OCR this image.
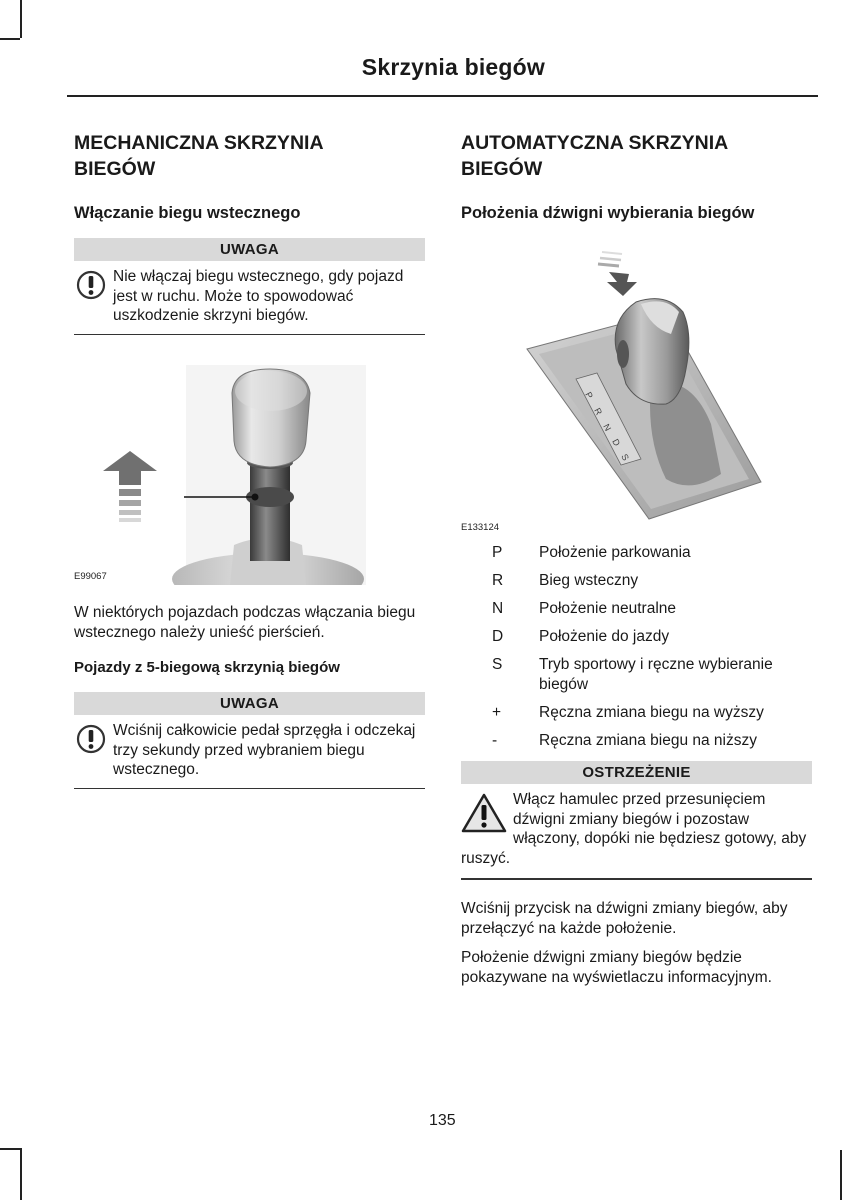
Skrzynia biegów
MECHANICZNA SKRZYNIA BIEGÓW
Włączanie biegu wstecznego
UWAGA
Nie włączaj biegu wstecznego, gdy pojazd jest w ruchu. Może to spowodować uszkodzenie skrzyni biegów.
E99067

W niektórych pojazdach podczas włączania biegu wstecznego należy unieść pierścień.

Pojazdy z 5-biegową skrzynią biegów
UWAGA
Wciśnij całkowicie pedał sprzęgła i odczekaj trzy sekundy przed wybraniem biegu wstecznego.
AUTOMATYCZNA SKRZYNIA BIEGÓW
Położenia dźwigni wybierania biegów
P
R
N
D
S
E133124
P	Położenie parkowania
R	Bieg wsteczny
N	Położenie neutralne
D	Położenie do jazdy
S	Tryb sportowy i ręczne wybieranie biegów
+	Ręczna zmiana biegu na wyższy
-	Ręczna zmiana biegu na niższy
OSTRZEŻENIE
Włącz hamulec przed przesunięciem dźwigni zmiany biegów i pozostaw włączony, dopóki nie będziesz gotowy, aby ruszyć.

Wciśnij przycisk na dźwigni zmiany biegów, aby przełączyć na każde położenie.

Położenie dźwigni zmiany biegów będzie pokazywane na wyświetlaczu informacyjnym.

135
